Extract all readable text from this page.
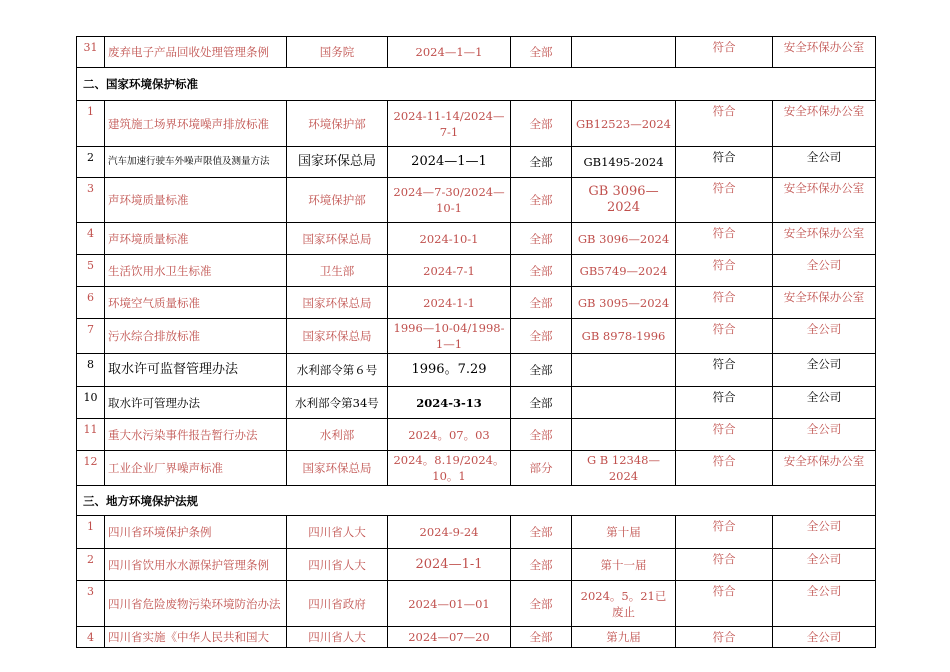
31	废弃电子产品回收处理管理条例	国务院	2024—1—1	全部		符合	安全环保办公室
二、国家环境保护标准							
1	建筑施工场界环境噪声排放标准	环境保护部	2024-11-14/2024—7-1	全部	GB12523—2024	符合	安全环保办公室
2	汽车加速行驶车外噪声限值及测量方法	国家环保总局	2024—1—1	全部	GB1495-2024	符合	全公司
3	声环境质量标准	环境保护部	2024—7-30/2024—10-1	全部	GB 3096—2024	符合	安全环保办公室
4	声环境质量标准	国家环保总局	2024-10-1	全部	GB 3096—2024	符合	安全环保办公室
5	生活饮用水卫生标准	卫生部	2024-7-1	全部	GB5749—2024	符合	全公司
6	环境空气质量标准	国家环保总局	2024-1-1	全部	GB 3095—2024	符合	安全环保办公室
7	污水综合排放标准	国家环保总局	1996—10-04/1998-1—1	全部	GB 8978-1996	符合	全公司
8	取水许可监督管理办法	水利部令第６号	1996。7.29	全部		符合	全公司
10	取水许可管理办法	水利部令第34号	2024-3-13	全部		符合	全公司
11	重大水污染事件报告暂行办法	水利部	2024。07。03	全部		符合	全公司
12	工业企业厂界噪声标准	国家环保总局	2024。8.19/2024。10。1	部分	G B 12348—2024	符合	安全环保办公室
三、地方环境保护法规							
1	四川省环境保护条例	四川省人大	2024-9-24	全部	第十届	符合	全公司
2	四川省饮用水水源保护管理条例	四川省人大	2024—1-1	全部	第十一届	符合	全公司
3	四川省危险废物污染环境防治办法	四川省政府	2024—01—01	全部	2024。5。21已废止	符合	全公司
4	四川省实施《中华人民共和国大	四川省人大	2024—07—20	全部	第九届	符合	全公司
